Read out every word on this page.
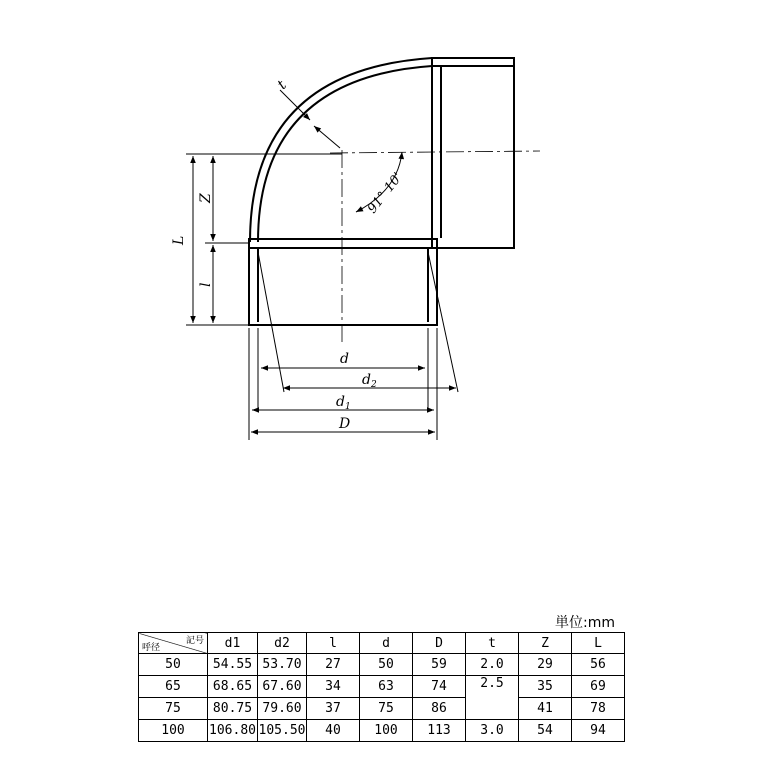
t
L
Z
l
91° 10'
d
$d_2$
$d_1$
D
単位:mm
記号
呼径	d1	d2	l	d	D	t	Z	L
50	54.55	53.70	27	50	59	2.0	29	56
65	68.65	67.60	34	63	74	2.5	35	69
75	80.75	79.60	37	75	86		41	78
100	106.80	105.50	40	100	113	3.0	54	94
